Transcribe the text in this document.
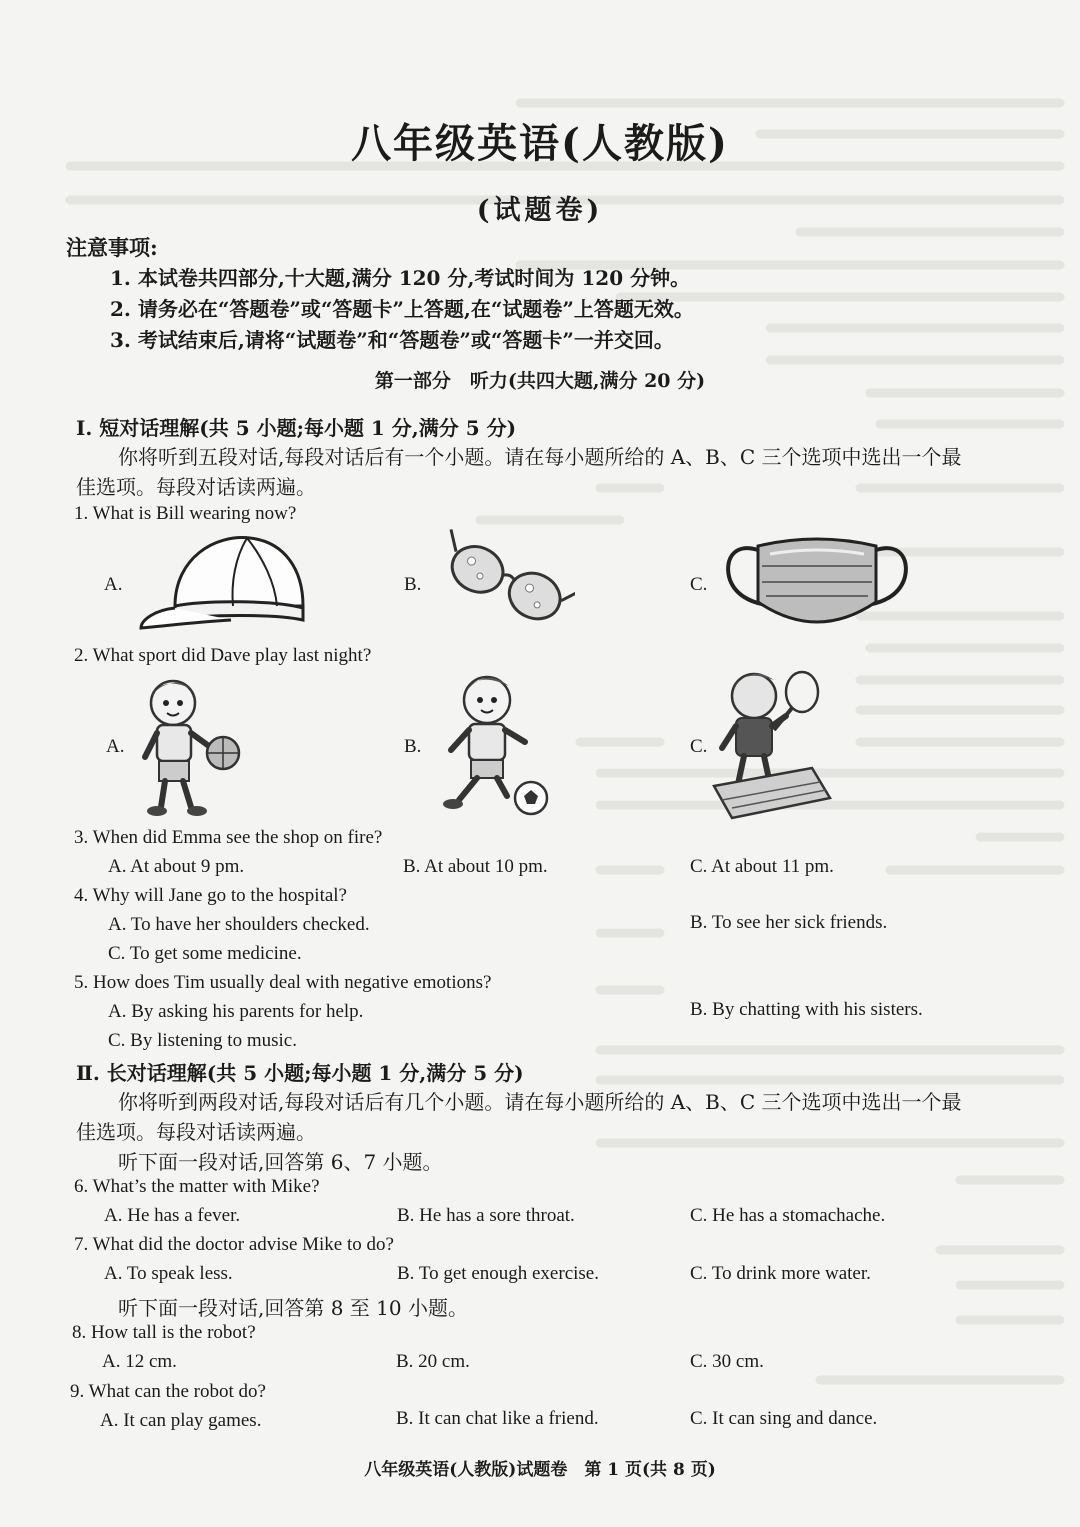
八年级英语(人教版)
(试题卷)
注意事项:
1. 本试卷共四部分,十大题,满分 120 分,考试时间为 120 分钟。
2. 请务必在“答题卷”或“答题卡”上答题,在“试题卷”上答题无效。
3. 考试结束后,请将“试题卷”和“答题卷”或“答题卡”一并交回。
第一部分　听力(共四大题,满分 20 分)
Ⅰ. 短对话理解(共 5 小题;每小题 1 分,满分 5 分)
你将听到五段对话,每段对话后有一个小题。请在每小题所给的 A、B、C 三个选项中选出一个最
佳选项。每段对话读两遍。
1. What is Bill wearing now?
A.	B.	C.
2. What sport did Dave play last night?
A.	B.	C.
3. When did Emma see the shop on fire?
A. At about 9 pm.	B. At about 10 pm.	C. At about 11 pm.
4. Why will Jane go to the hospital?
A. To have her shoulders checked.	B. To see her sick friends.
C. To get some medicine.
5. How does Tim usually deal with negative emotions?
A. By asking his parents for help.	B. By chatting with his sisters.
C. By listening to music.
Ⅱ. 长对话理解(共 5 小题;每小题 1 分,满分 5 分)
你将听到两段对话,每段对话后有几个小题。请在每小题所给的 A、B、C 三个选项中选出一个最
佳选项。每段对话读两遍。
听下面一段对话,回答第 6、7 小题。
6. What’s the matter with Mike?
A. He has a fever.	B. He has a sore throat.	C. He has a stomachache.
7. What did the doctor advise Mike to do?
A. To speak less.	B. To get enough exercise.	C. To drink more water.
听下面一段对话,回答第 8 至 10 小题。
8. How tall is the robot?
A. 12 cm.	B. 20 cm.	C. 30 cm.
9. What can the robot do?
A. It can play games.	B. It can chat like a friend.	C. It can sing and dance.
八年级英语(人教版)试题卷　第 1 页(共 8 页)
